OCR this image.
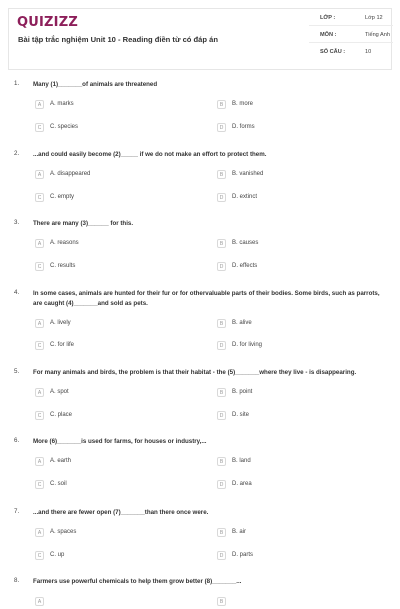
QUIZIZZ
Bài tập trắc nghiệm Unit 10 - Reading điền từ có đáp án
LỚP :	Lớp 12
MÔN :	Tiếng Anh
SỐ CÂU :	10
1. Many (1)_______of animals are threatened
A	A. marks	B	B. more
C	C. species	D	D. forms
2. ...and could easily become (2)_____ if we do not make an effort to protect them.
A	A. disappeared	B	B. vanished
C	C. empty	D	D. extinct
3. There are many (3)______ for this.
A	A. reasons	B	B. causes
C	C. results	D	D. effects
4. In some cases, animals are hunted for their fur or for othervaluable parts of their bodies. Some birds, such as parrots, are caught (4)_______and sold as pets.
A	A. lively	B	B. alive
C	C. for life	D	D. for living
5. For many animals and birds, the problem is that their habitat - the (5)_______where they live - is disappearing.
A	A. spot	B	B. point
C	C. place	D	D. site
6. More (6)_______is used for farms, for houses or industry,...
A	A. earth	B	B. land
C	C. soil	D	D. area
7. ...and there are fewer open (7)_______than there once were.
A	A. spaces	B	B. air
C	C. up	D	D. parts
8. Farmers use powerful chemicals to help them grow better (8)_______...
A	B
